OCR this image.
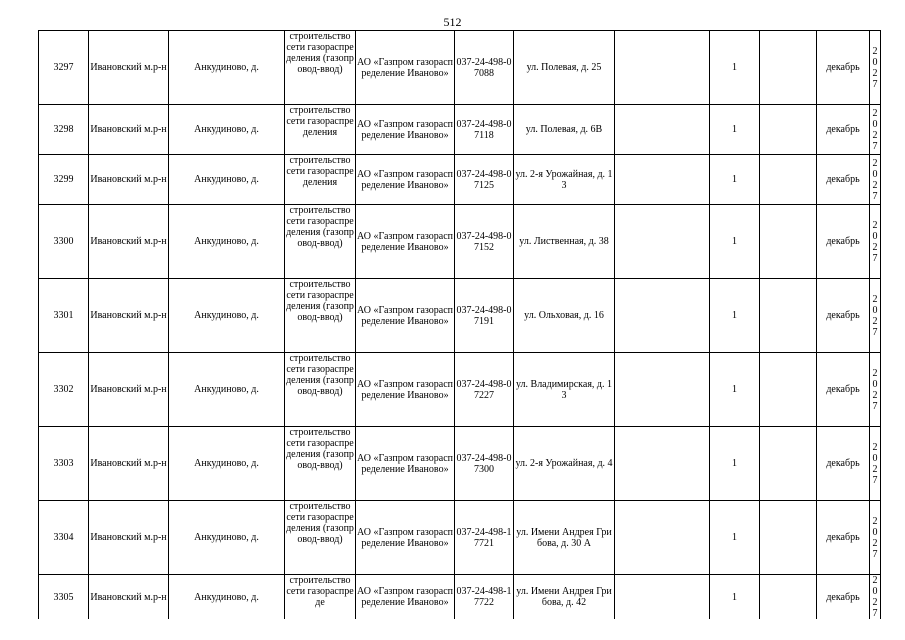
512
3297	Ивановский м.р-н	Анкудиново, д.	строительство сети газораспределения (газопровод-ввод)	АО «Газпром газораспределение Иваново»	037-24-498-07088	ул. Полевая, д. 25		1		декабрь	2027
3298	Ивановский м.р-н	Анкудиново, д.	строительство сети газораспределения	АО «Газпром газораспределение Иваново»	037-24-498-07118	ул. Полевая, д. 6В		1		декабрь	2027
3299	Ивановский м.р-н	Анкудиново, д.	строительство сети газораспределения	АО «Газпром газораспределение Иваново»	037-24-498-07125	ул. 2-я Урожайная, д. 13		1		декабрь	2027
3300	Ивановский м.р-н	Анкудиново, д.	строительство сети газораспределения (газопровод-ввод)	АО «Газпром газораспределение Иваново»	037-24-498-07152	ул. Лиственная, д. 38		1		декабрь	2027
3301	Ивановский м.р-н	Анкудиново, д.	строительство сети газораспределения (газопровод-ввод)	АО «Газпром газораспределение Иваново»	037-24-498-07191	ул. Ольховая, д. 16		1		декабрь	2027
3302	Ивановский м.р-н	Анкудиново, д.	строительство сети газораспределения (газопровод-ввод)	АО «Газпром газораспределение Иваново»	037-24-498-07227	ул. Владимирская, д. 13		1		декабрь	2027
3303	Ивановский м.р-н	Анкудиново, д.	строительство сети газораспределения (газопровод-ввод)	АО «Газпром газораспределение Иваново»	037-24-498-07300	ул. 2-я Урожайная, д. 4		1		декабрь	2027
3304	Ивановский м.р-н	Анкудиново, д.	строительство сети газораспределения (газопровод-ввод)	АО «Газпром газораспределение Иваново»	037-24-498-17721	ул. Имени Андрея Грибова, д. 30 А		1		декабрь	2027
3305	Ивановский м.р-н	Анкудиново, д.	строительство сети газораспреде	АО «Газпром газораспределение Иваново»	037-24-498-17722	ул. Имени Андрея Грибова, д. 42		1		декабрь	2027
